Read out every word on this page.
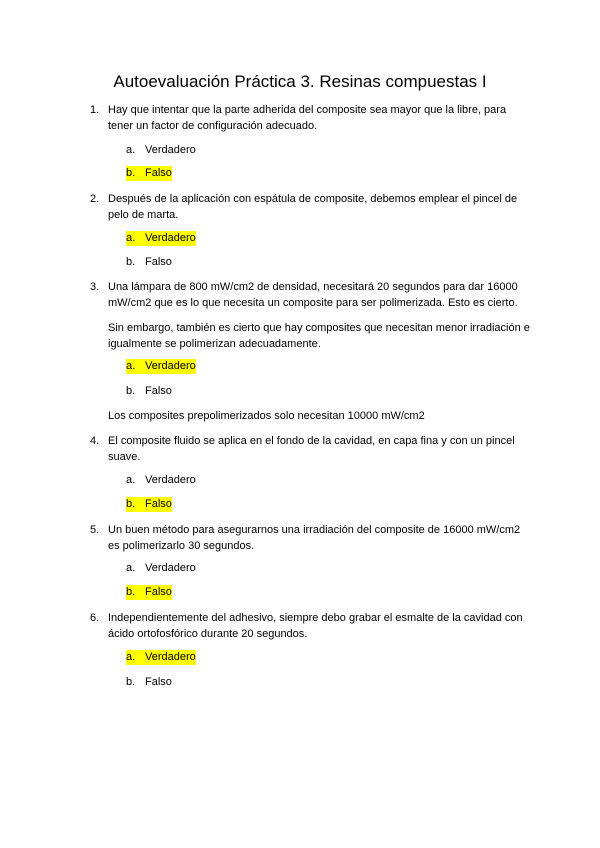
Autoevaluación Práctica 3. Resinas compuestas I
1. Hay que intentar que la parte adherida del composite sea mayor que la libre, para tener un factor de configuración adecuado.
a. Verdadero
b. Falso
2. Después de la aplicación con espátula de composite, debemos emplear el pincel de pelo de marta.
a. Verdadero
b. Falso
3. Una lámpara de 800 mW/cm2 de densidad, necesitará 20 segundos para dar 16000 mW/cm2 que es lo que necesita un composite para ser polimerizada. Esto es cierto.
Sin embargo, también es cierto que hay composites que necesitan menor irradiación e igualmente se polimerizan adecuadamente.
a. Verdadero
b. Falso
Los composites prepolimerizados solo necesitan 10000 mW/cm2
4. El composite fluido se aplica en el fondo de la cavidad, en capa fina y con un pincel suave.
a. Verdadero
b. Falso
5. Un buen método para asegurarnos una irradiación del composite de 16000 mW/cm2 es polimerizarlo 30 segundos.
a. Verdadero
b. Falso
6. Independientemente del adhesivo, siempre debo grabar el esmalte de la cavidad con ácido ortofosfórico durante 20 segundos.
a. Verdadero
b. Falso
